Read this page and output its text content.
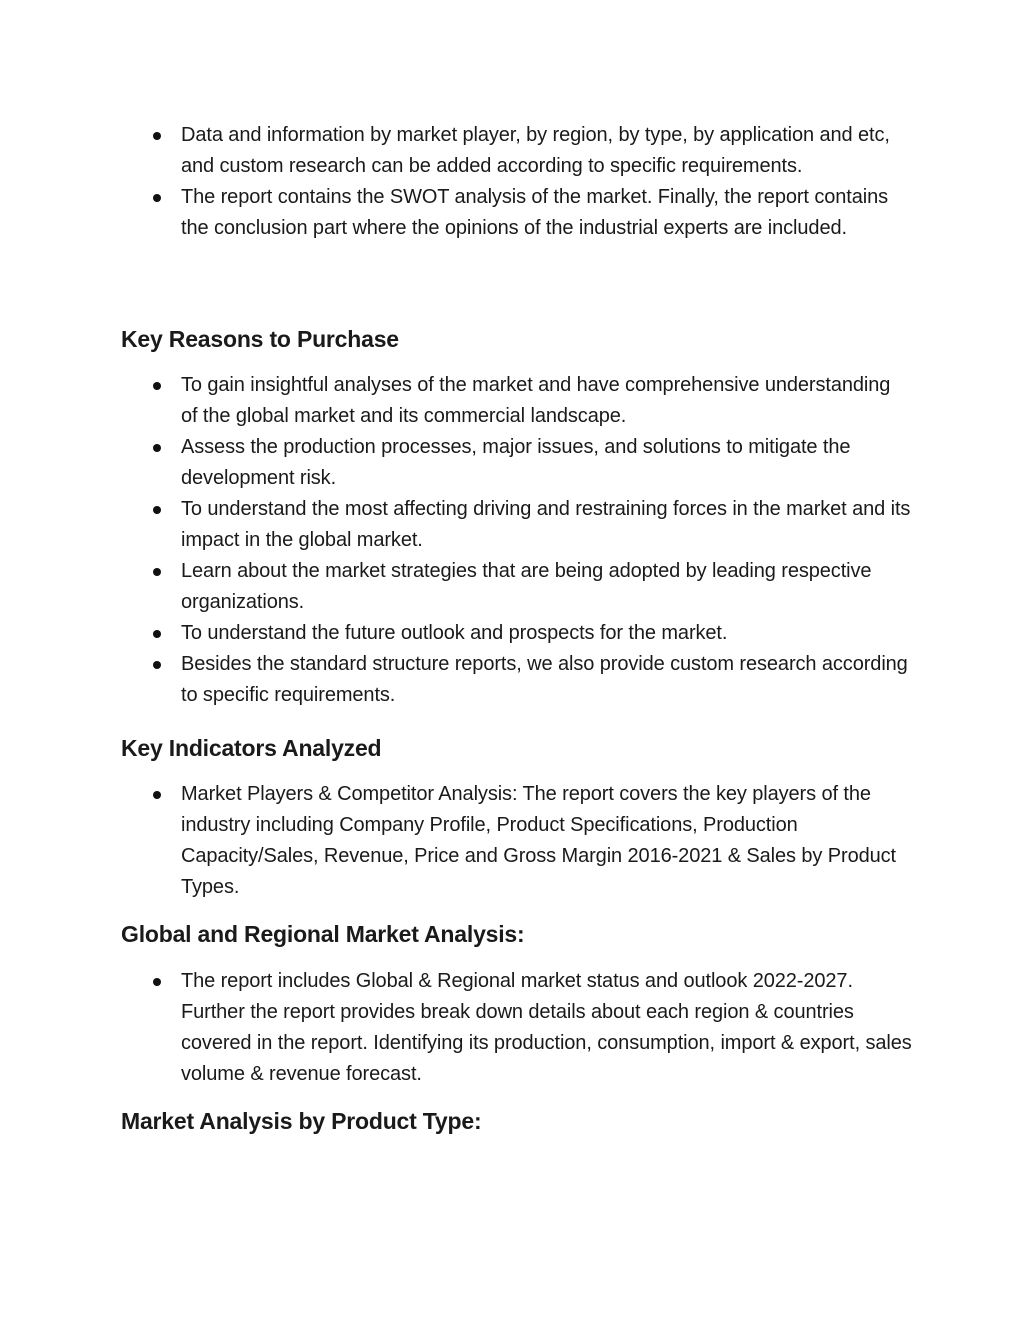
Data and information by market player, by region, by type, by application and etc, and custom research can be added according to specific requirements.
The report contains the SWOT analysis of the market. Finally, the report contains the conclusion part where the opinions of the industrial experts are included.
Key Reasons to Purchase
To gain insightful analyses of the market and have comprehensive understanding of the global market and its commercial landscape.
Assess the production processes, major issues, and solutions to mitigate the development risk.
To understand the most affecting driving and restraining forces in the market and its impact in the global market.
Learn about the market strategies that are being adopted by leading respective organizations.
To understand the future outlook and prospects for the market.
Besides the standard structure reports, we also provide custom research according to specific requirements.
Key Indicators Analyzed
Market Players & Competitor Analysis: The report covers the key players of the industry including Company Profile, Product Specifications, Production Capacity/Sales, Revenue, Price and Gross Margin 2016-2021 & Sales by Product Types.
Global and Regional Market Analysis:
The report includes Global & Regional market status and outlook 2022-2027. Further the report provides break down details about each region & countries covered in the report. Identifying its production, consumption, import & export, sales volume & revenue forecast.
Market Analysis by Product Type:
